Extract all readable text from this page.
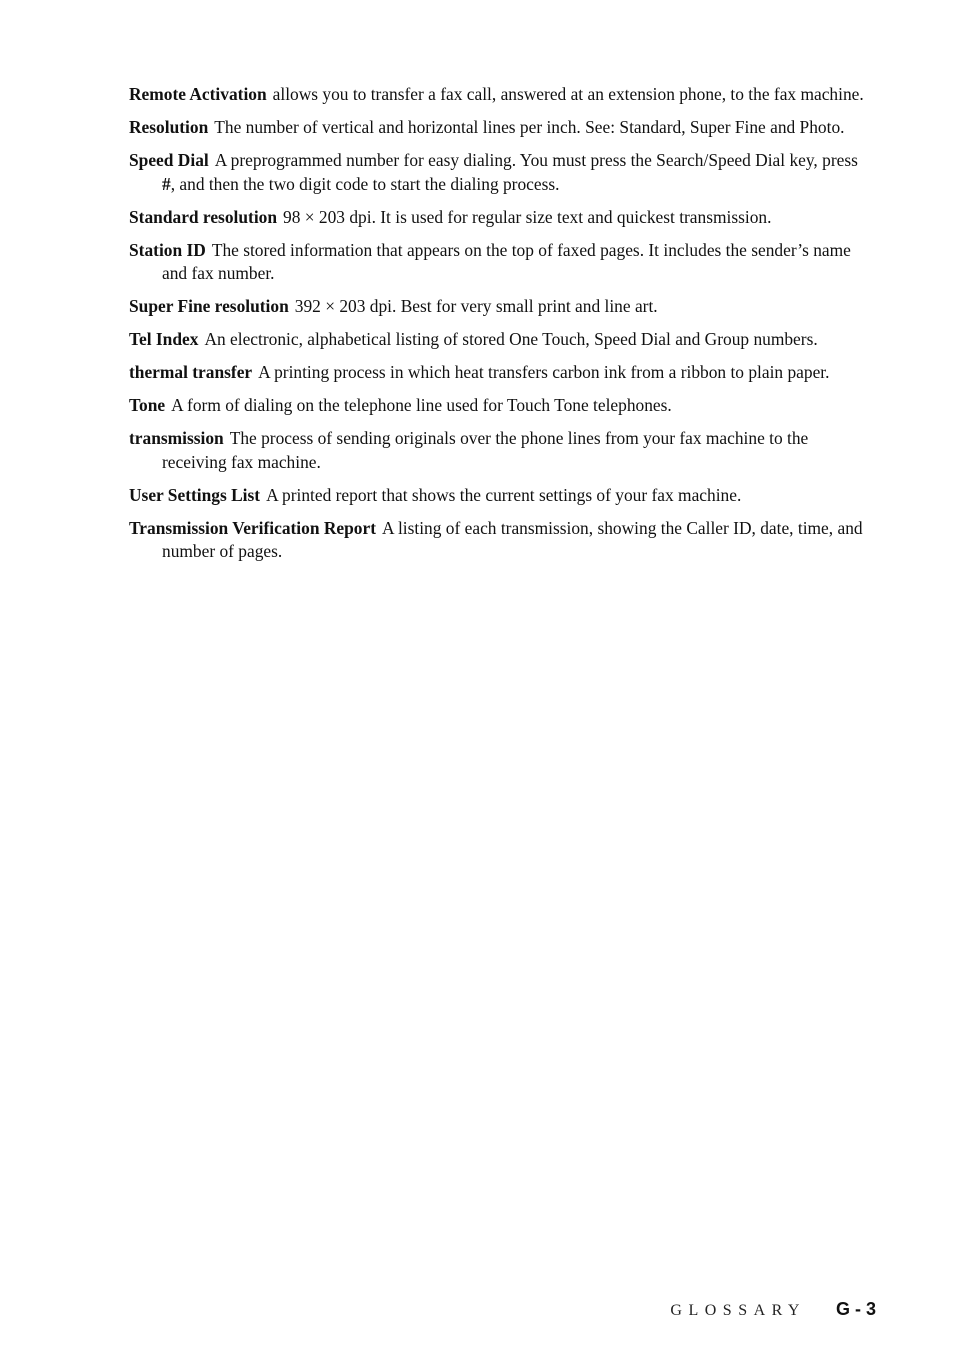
Remote Activation allows you to transfer a fax call, answered at an extension phone, to the fax machine.

Resolution The number of vertical and horizontal lines per inch. See: Standard, Super Fine and Photo.

Speed Dial A preprogrammed number for easy dialing. You must press the Search/Speed Dial key, press #, and then the two digit code to start the dialing process.

Standard resolution 98 × 203 dpi. It is used for regular size text and quickest transmission.

Station ID The stored information that appears on the top of faxed pages. It includes the sender’s name and fax number.

Super Fine resolution 392 × 203 dpi. Best for very small print and line art.

Tel Index An electronic, alphabetical listing of stored One Touch, Speed Dial and Group numbers.

thermal transfer A printing process in which heat transfers carbon ink from a ribbon to plain paper.

Tone A form of dialing on the telephone line used for Touch Tone telephones.

transmission The process of sending originals over the phone lines from your fax machine to the receiving fax machine.

User Settings List A printed report that shows the current settings of your fax machine.

Transmission Verification Report A listing of each transmission, showing the Caller ID, date, time, and number of pages.

GLOSSARY G - 3
